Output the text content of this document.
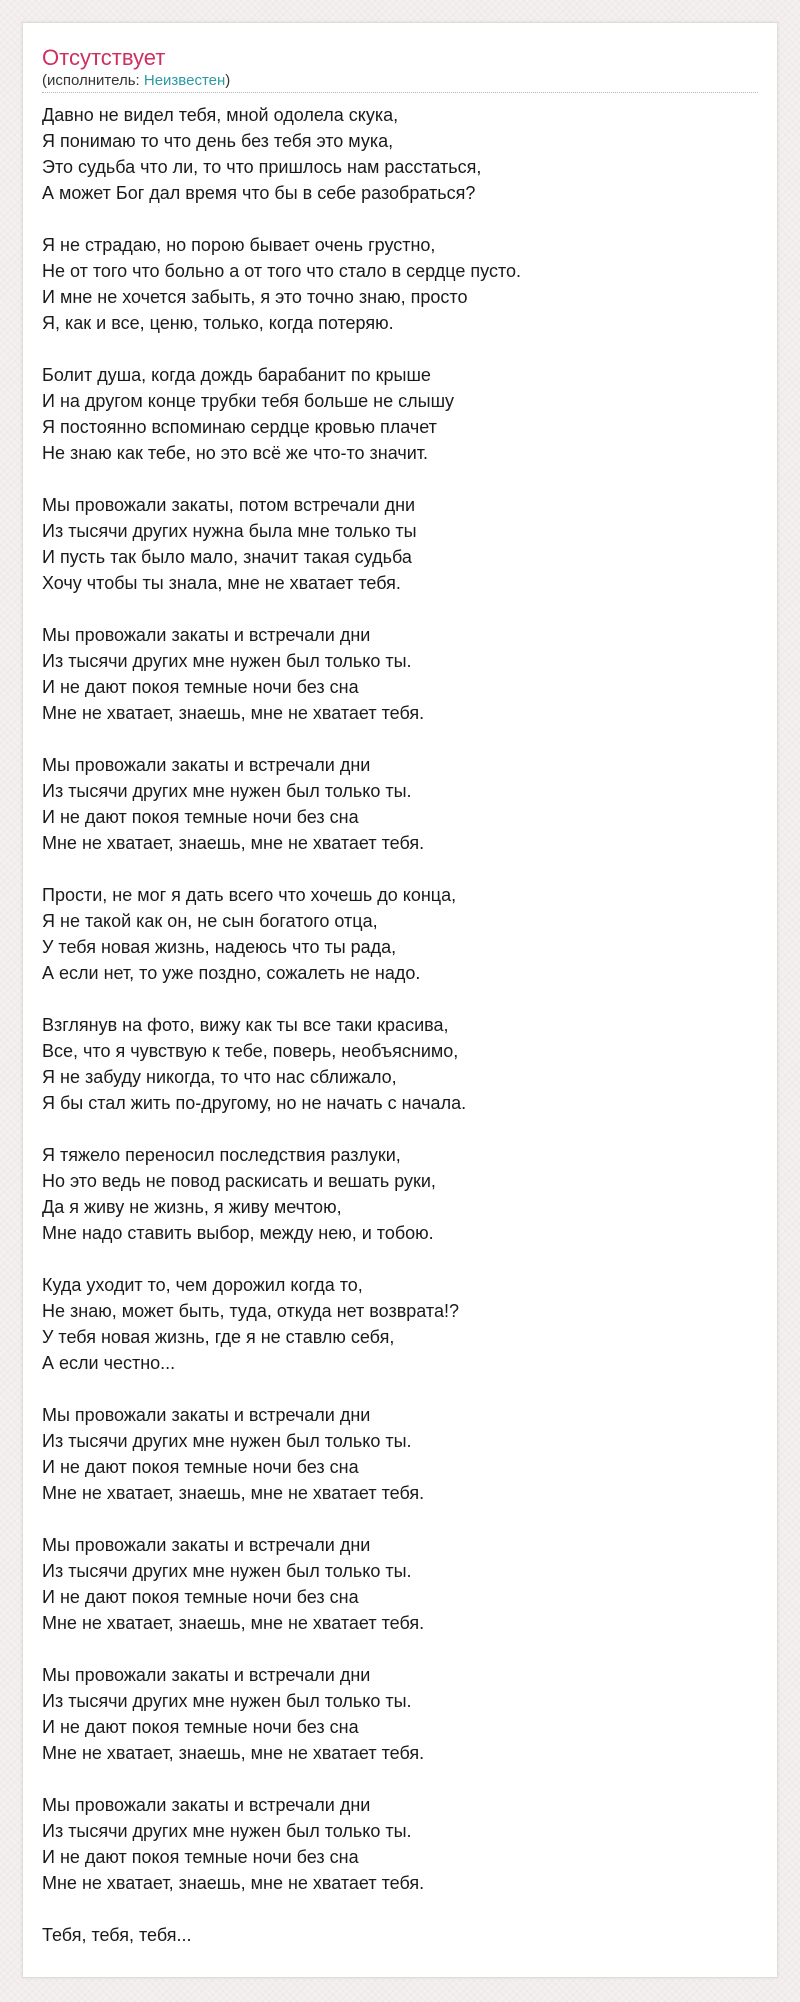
Отсутствует
(исполнитель: Неизвестен)
Давно не видел тебя, мной одолела скука,
Я понимаю то что день без тебя это мука,
Это судьба что ли, то что пришлось нам расстаться,
А может Бог дал время что бы в себе разобраться?
Я не страдаю, но порою бывает очень грустно,
Не от того что больно а от того что стало в сердце пусто.
И мне не хочется забыть, я это точно знаю, просто
Я, как и все, ценю, только, когда потеряю.
Болит душа, когда дождь барабанит по крыше
И на другом конце трубки тебя больше не слышу
Я постоянно вспоминаю сердце кровью плачет
Не знаю как тебе, но это всё же что-то значит.
Мы провожали закаты, потом встречали дни
Из тысячи других нужна была мне только ты
И пусть так было мало, значит такая судьба
Хочу чтобы ты знала, мне не хватает тебя.
Мы провожали закаты и встречали дни
Из тысячи других мне нужен был только ты.
И не дают покоя темные ночи без сна
Мне не хватает, знаешь, мне не хватает тебя.
Мы провожали закаты и встречали дни
Из тысячи других мне нужен был только ты.
И не дают покоя темные ночи без сна
Мне не хватает, знаешь, мне не хватает тебя.
Прости, не мог я дать всего что хочешь до конца,
Я не такой как он, не сын богатого отца,
У тебя новая жизнь, надеюсь что ты рада,
А если нет, то уже поздно, сожалеть не надо.
Взглянув на фото, вижу как ты все таки красива,
Все, что я чувствую к тебе, поверь, необъяснимо,
Я не забуду никогда, то что нас сближало,
Я бы стал жить по-другому, но не начать с начала.
Я тяжело переносил последствия разлуки,
Но это ведь не повод раскисать и вешать руки,
Да я живу не жизнь, я живу мечтою,
Мне надо ставить выбор, между нею, и тобою.
Куда уходит то, чем дорожил когда то,
Не знаю, может быть, туда, откуда нет возврата!?
У тебя новая жизнь, где я не ставлю себя,
А если честно...
Мы провожали закаты и встречали дни
Из тысячи других мне нужен был только ты.
И не дают покоя темные ночи без сна
Мне не хватает, знаешь, мне не хватает тебя.
Мы провожали закаты и встречали дни
Из тысячи других мне нужен был только ты.
И не дают покоя темные ночи без сна
Мне не хватает, знаешь, мне не хватает тебя.
Мы провожали закаты и встречали дни
Из тысячи других мне нужен был только ты.
И не дают покоя темные ночи без сна
Мне не хватает, знаешь, мне не хватает тебя.
Мы провожали закаты и встречали дни
Из тысячи других мне нужен был только ты.
И не дают покоя темные ночи без сна
Мне не хватает, знаешь, мне не хватает тебя.
Тебя, тебя, тебя...
